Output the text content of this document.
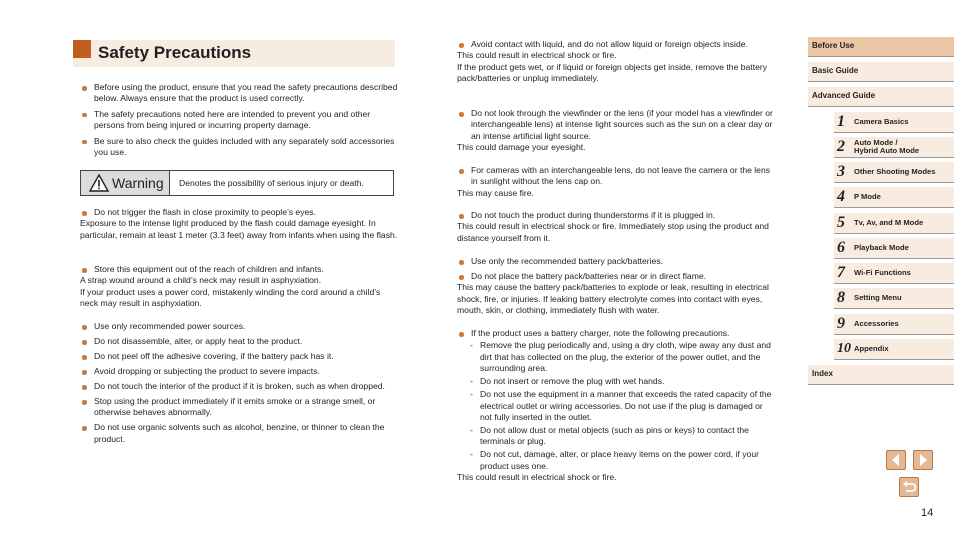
Safety Precautions
Before using the product, ensure that you read the safety precautions described below. Always ensure that the product is used correctly.
The safety precautions noted here are intended to prevent you and other persons from being injured or incurring property damage.
Be sure to also check the guides included with any separately sold accessories you use.
Warning Denotes the possibility of serious injury or death.
Do not trigger the flash in close proximity to people’s eyes.
Exposure to the intense light produced by the flash could damage eyesight. In particular, remain at least 1 meter (3.3 feet) away from infants when using the flash.
Store this equipment out of the reach of children and infants.
A strap wound around a child’s neck may result in asphyxiation.
If your product uses a power cord, mistakenly winding the cord around a child’s neck may result in asphyxiation.
Use only recommended power sources.
Do not disassemble, alter, or apply heat to the product.
Do not peel off the adhesive covering, if the battery pack has it.
Avoid dropping or subjecting the product to severe impacts.
Do not touch the interior of the product if it is broken, such as when dropped.
Stop using the product immediately if it emits smoke or a strange smell, or otherwise behaves abnormally.
Do not use organic solvents such as alcohol, benzine, or thinner to clean the product.
Avoid contact with liquid, and do not allow liquid or foreign objects inside.
This could result in electrical shock or fire.
If the product gets wet, or if liquid or foreign objects get inside, remove the battery pack/batteries or unplug immediately.
Do not look through the viewfinder or the lens (if your model has a viewfinder or interchangeable lens) at intense light sources such as the sun on a clear day or an intense artificial light source.
This could damage your eyesight.
For cameras with an interchangeable lens, do not leave the camera or the lens in sunlight without the lens cap on.
This may cause fire.
Do not touch the product during thunderstorms if it is plugged in.
This could result in electrical shock or fire. Immediately stop using the product and distance yourself from it.
Use only the recommended battery pack/batteries.
Do not place the battery pack/batteries near or in direct flame.
This may cause the battery pack/batteries to explode or leak, resulting in electrical shock, fire, or injuries. If leaking battery electrolyte comes into contact with eyes, mouth, skin, or clothing, immediately flush with water.
If the product uses a battery charger, note the following precautions.
- Remove the plug periodically and, using a dry cloth, wipe away any dust and dirt that has collected on the plug, the exterior of the power outlet, and the surrounding area.
- Do not insert or remove the plug with wet hands.
- Do not use the equipment in a manner that exceeds the rated capacity of the electrical outlet or wiring accessories. Do not use if the plug is damaged or not fully inserted in the outlet.
- Do not allow dust or metal objects (such as pins or keys) to contact the terminals or plug.
- Do not cut, damage, alter, or place heavy items on the power cord, if your product uses one.
This could result in electrical shock or fire.
Before Use
Basic Guide
Advanced Guide
1 Camera Basics
2 Auto Mode /
Hybrid Auto Mode
3 Other Shooting Modes
4 P Mode
5 Tv, Av, and M Mode
6 Playback Mode
7 Wi-Fi Functions
8 Setting Menu
9 Accessories
10 Appendix
Index
14
